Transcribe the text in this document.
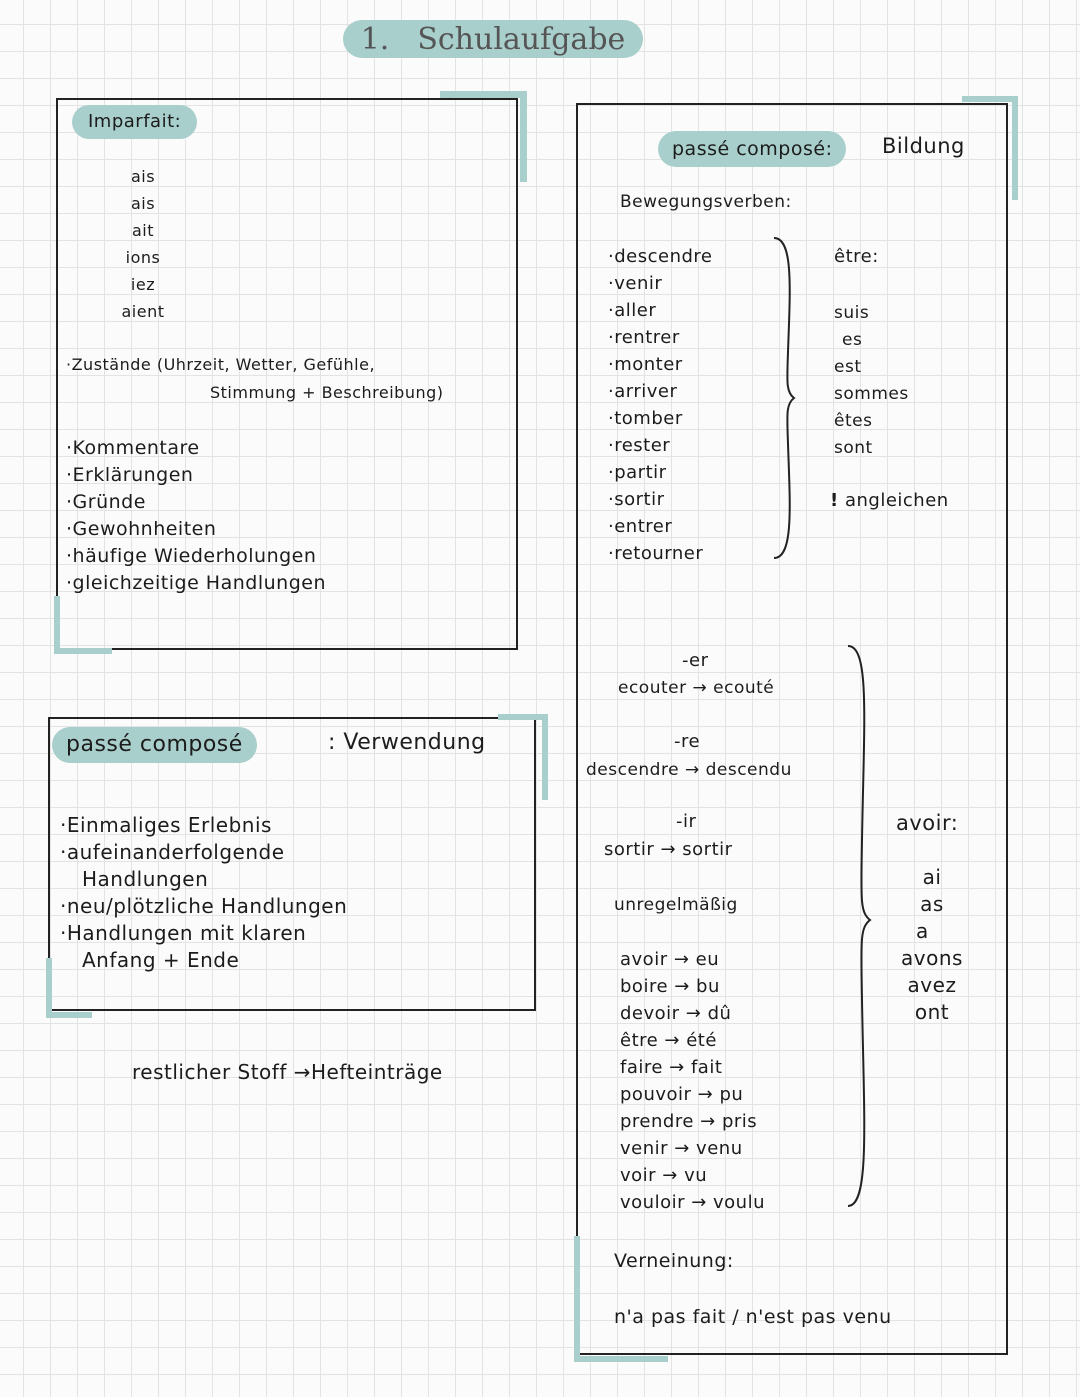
1. Schulaufgabe
Imparfait:
ais
ais
ait
ions
iez
aient
·Zustände (Uhrzeit, Wetter, Gefühle,
Stimmung + Beschreibung)
·Kommentare
·Erklärungen
·Gründe
·Gewohnheiten
·häufige Wiederholungen
·gleichzeitige Handlungen
passé composé	: Verwendung
·Einmaliges Erlebnis
·aufeinanderfolgende
Handlungen
·neu/plötzliche Handlungen
·Handlungen mit klaren
Anfang + Ende
restlicher Stoff →Hefteinträge
passé composé:	Bildung
Bewegungsverben:
·descendre
·venir
·aller
·rentrer
·monter
·arriver
·tomber
·rester
·partir
·sortir
·entrer
·retourner
être:
suis
es
est
sommes
êtes
sont
! angleichen
-er
ecouter → ecouté
-re
descendre → descendu
-ir
sortir → sortir
unregelmäßig
avoir → eu
boire → bu
devoir → dû
être → été
faire → fait
pouvoir → pu
prendre → pris
venir → venu
voir → vu
vouloir → voulu
avoir:
ai
as
a
avons
avez
ont
Verneinung:
n'a pas fait / n'est pas venu
